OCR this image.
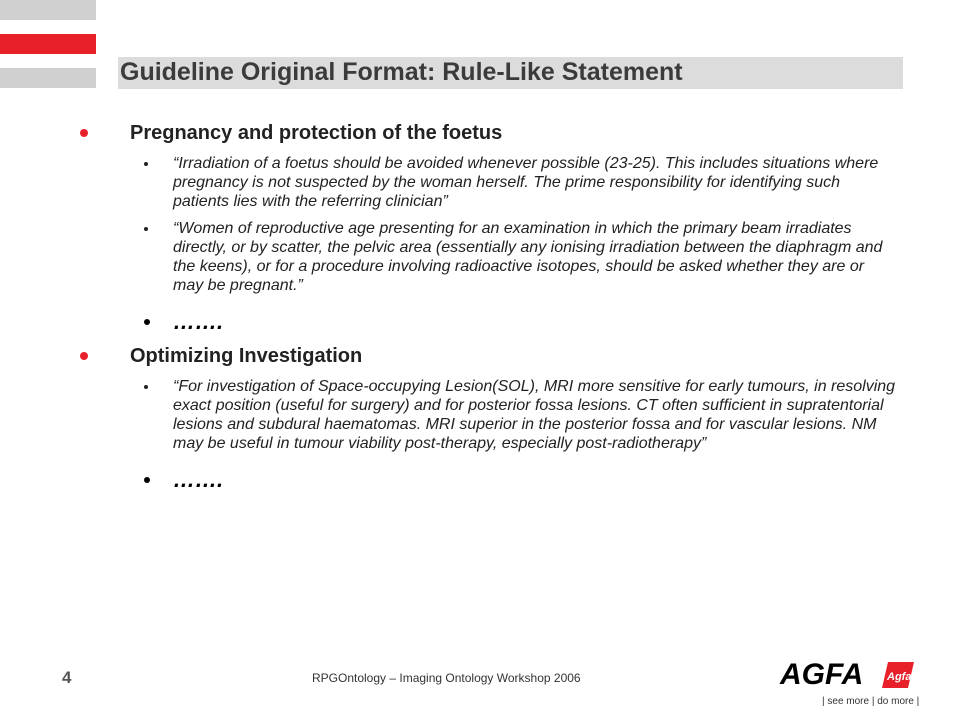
Guideline Original Format: Rule-Like Statement
Pregnancy and protection of the foetus
“Irradiation of a foetus should be avoided whenever possible (23-25). This includes situations where pregnancy is not suspected by the woman herself. The prime responsibility for identifying such patients lies with the referring clinician”
“Women of reproductive age presenting for an examination in which the primary beam irradiates directly, or by scatter, the pelvic area (essentially any ionising irradiation between the diaphragm and the keens), or for a procedure involving radioactive isotopes, should be asked whether they are or may be pregnant.”
…….
Optimizing Investigation
“For investigation of Space-occupying Lesion(SOL), MRI more sensitive for early tumours, in resolving exact position (useful for surgery) and for posterior fossa lesions. CT often sufficient in supratentorial lesions and subdural haematomas. MRI superior in the posterior fossa and for vascular lesions. NM may be useful in tumour viability post-therapy, especially post-radiotherapy”
…….
4	RPGOntology – Imaging Ontology Workshop 2006	AGFA Agfa
| see more | do more |
